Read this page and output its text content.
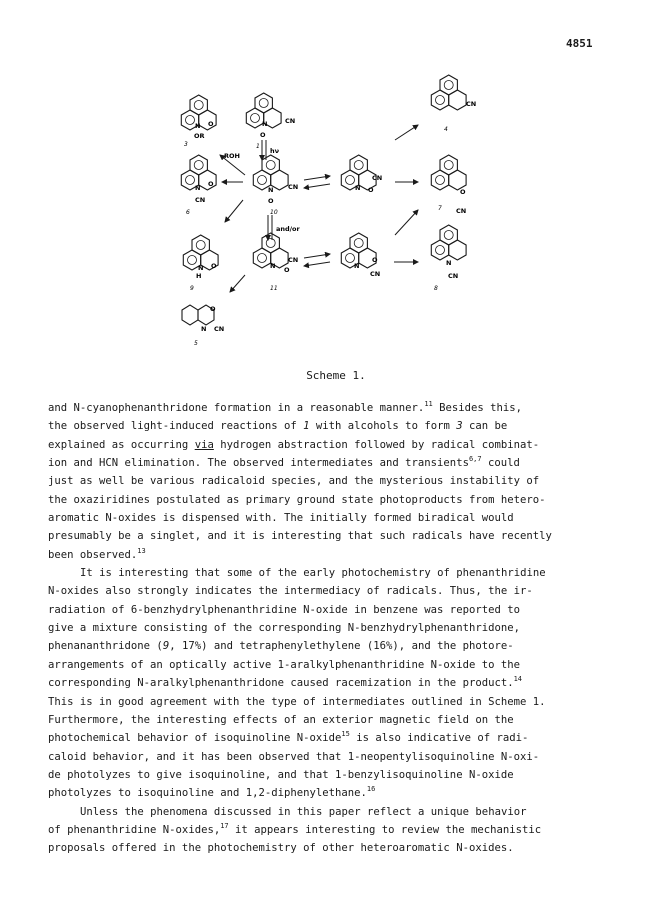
4851
O
N
OR
3
N	CN
O
1
CN
4
O
N
CN
6
N CN
O
10
CN
N O	O
CN
7
N
H
O
9
N
CN
O
11
O
N
CN
N
CN
8
N
O
CN
5
ROH
hν
and/or
Scheme 1.
and N-cyanophenanthridone formation in a reasonable manner.$^{11}$ Besides this,
the observed light-induced reactions of 1 with alcohols to form 3 can be
explained as occurring via hydrogen abstraction followed by radical combinat-
ion and HCN elimination. The observed intermediates and transients$^{6,7}$ could
just as well be various radicaloid species, and the mysterious instability of
the oxaziridines postulated as primary ground state photoproducts from hetero-
aromatic N-oxides is dispensed with. The initially formed biradical would
presumably be a singlet, and it is interesting that such radicals have recently
been observed.$^{13}$
It is interesting that some of the early photochemistry of phenanthridine
N-oxides also strongly indicates the intermediacy of radicals. Thus, the ir-
radiation of 6-benzhydrylphenanthridine N-oxide in benzene was reported to
give a mixture consisting of the corresponding N-benzhydrylphenanthridone,
phenananthridone (9, 17%) and tetraphenylethylene (16%), and the photore-
arrangements of an optically active 1-aralkylphenanthridine N-oxide to the
corresponding N-aralkylphenanthridone caused racemization in the product.$^{14}$
This is in good agreement with the type of intermediates outlined in Scheme 1.
Furthermore, the interesting effects of an exterior magnetic field on the
photochemical behavior of isoquinoline N-oxide$^{15}$ is also indicative of radi-
caloid behavior, and it has been observed that 1-neopentylisoquinoline N-oxi-
de photolyzes to give isoquinoline, and that 1-benzylisoquinoline N-oxide
photolyzes to isoquinoline and 1,2-diphenylethane.$^{16}$
Unless the phenomena discussed in this paper reflect a unique behavior
of phenanthridine N-oxides,$^{17}$ it appears interesting to review the mechanistic
proposals offered in the photochemistry of other heteroaromatic N-oxides.
